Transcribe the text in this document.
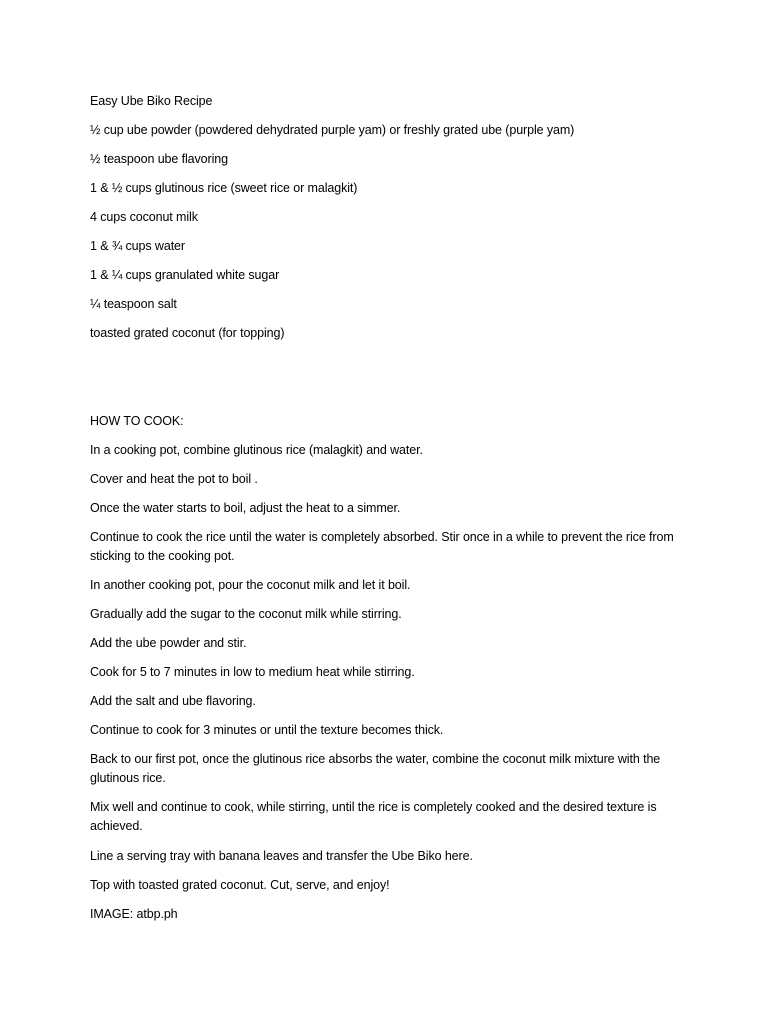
Easy Ube Biko Recipe
½ cup ube powder (powdered dehydrated purple yam) or freshly grated ube (purple yam)
½ teaspoon ube flavoring
1 & ½ cups glutinous rice (sweet rice or malagkit)
4 cups coconut milk
1 & ¾ cups water
1 & ¼ cups granulated white sugar
¼ teaspoon salt
toasted grated coconut (for topping)
HOW TO COOK:
In a cooking pot, combine glutinous rice (malagkit) and water.
Cover and heat the pot to boil .
Once the water starts to boil, adjust the heat to a simmer.
Continue to cook the rice until the water is completely absorbed. Stir once in a while to prevent the rice from sticking to the cooking pot.
In another cooking pot, pour the coconut milk and let it boil.
Gradually add the sugar to the coconut milk while stirring.
Add the ube powder and stir.
Cook for 5 to 7 minutes in low to medium heat while stirring.
Add the salt and ube flavoring.
Continue to cook for 3 minutes or until the texture becomes thick.
Back to our first pot, once the glutinous rice absorbs the water, combine the coconut milk mixture with the glutinous rice.
Mix well and continue to cook, while stirring, until the rice is completely cooked and the desired texture is achieved.
Line a serving tray with banana leaves and transfer the Ube Biko here.
Top with toasted grated coconut. Cut, serve, and enjoy!
IMAGE: atbp.ph
